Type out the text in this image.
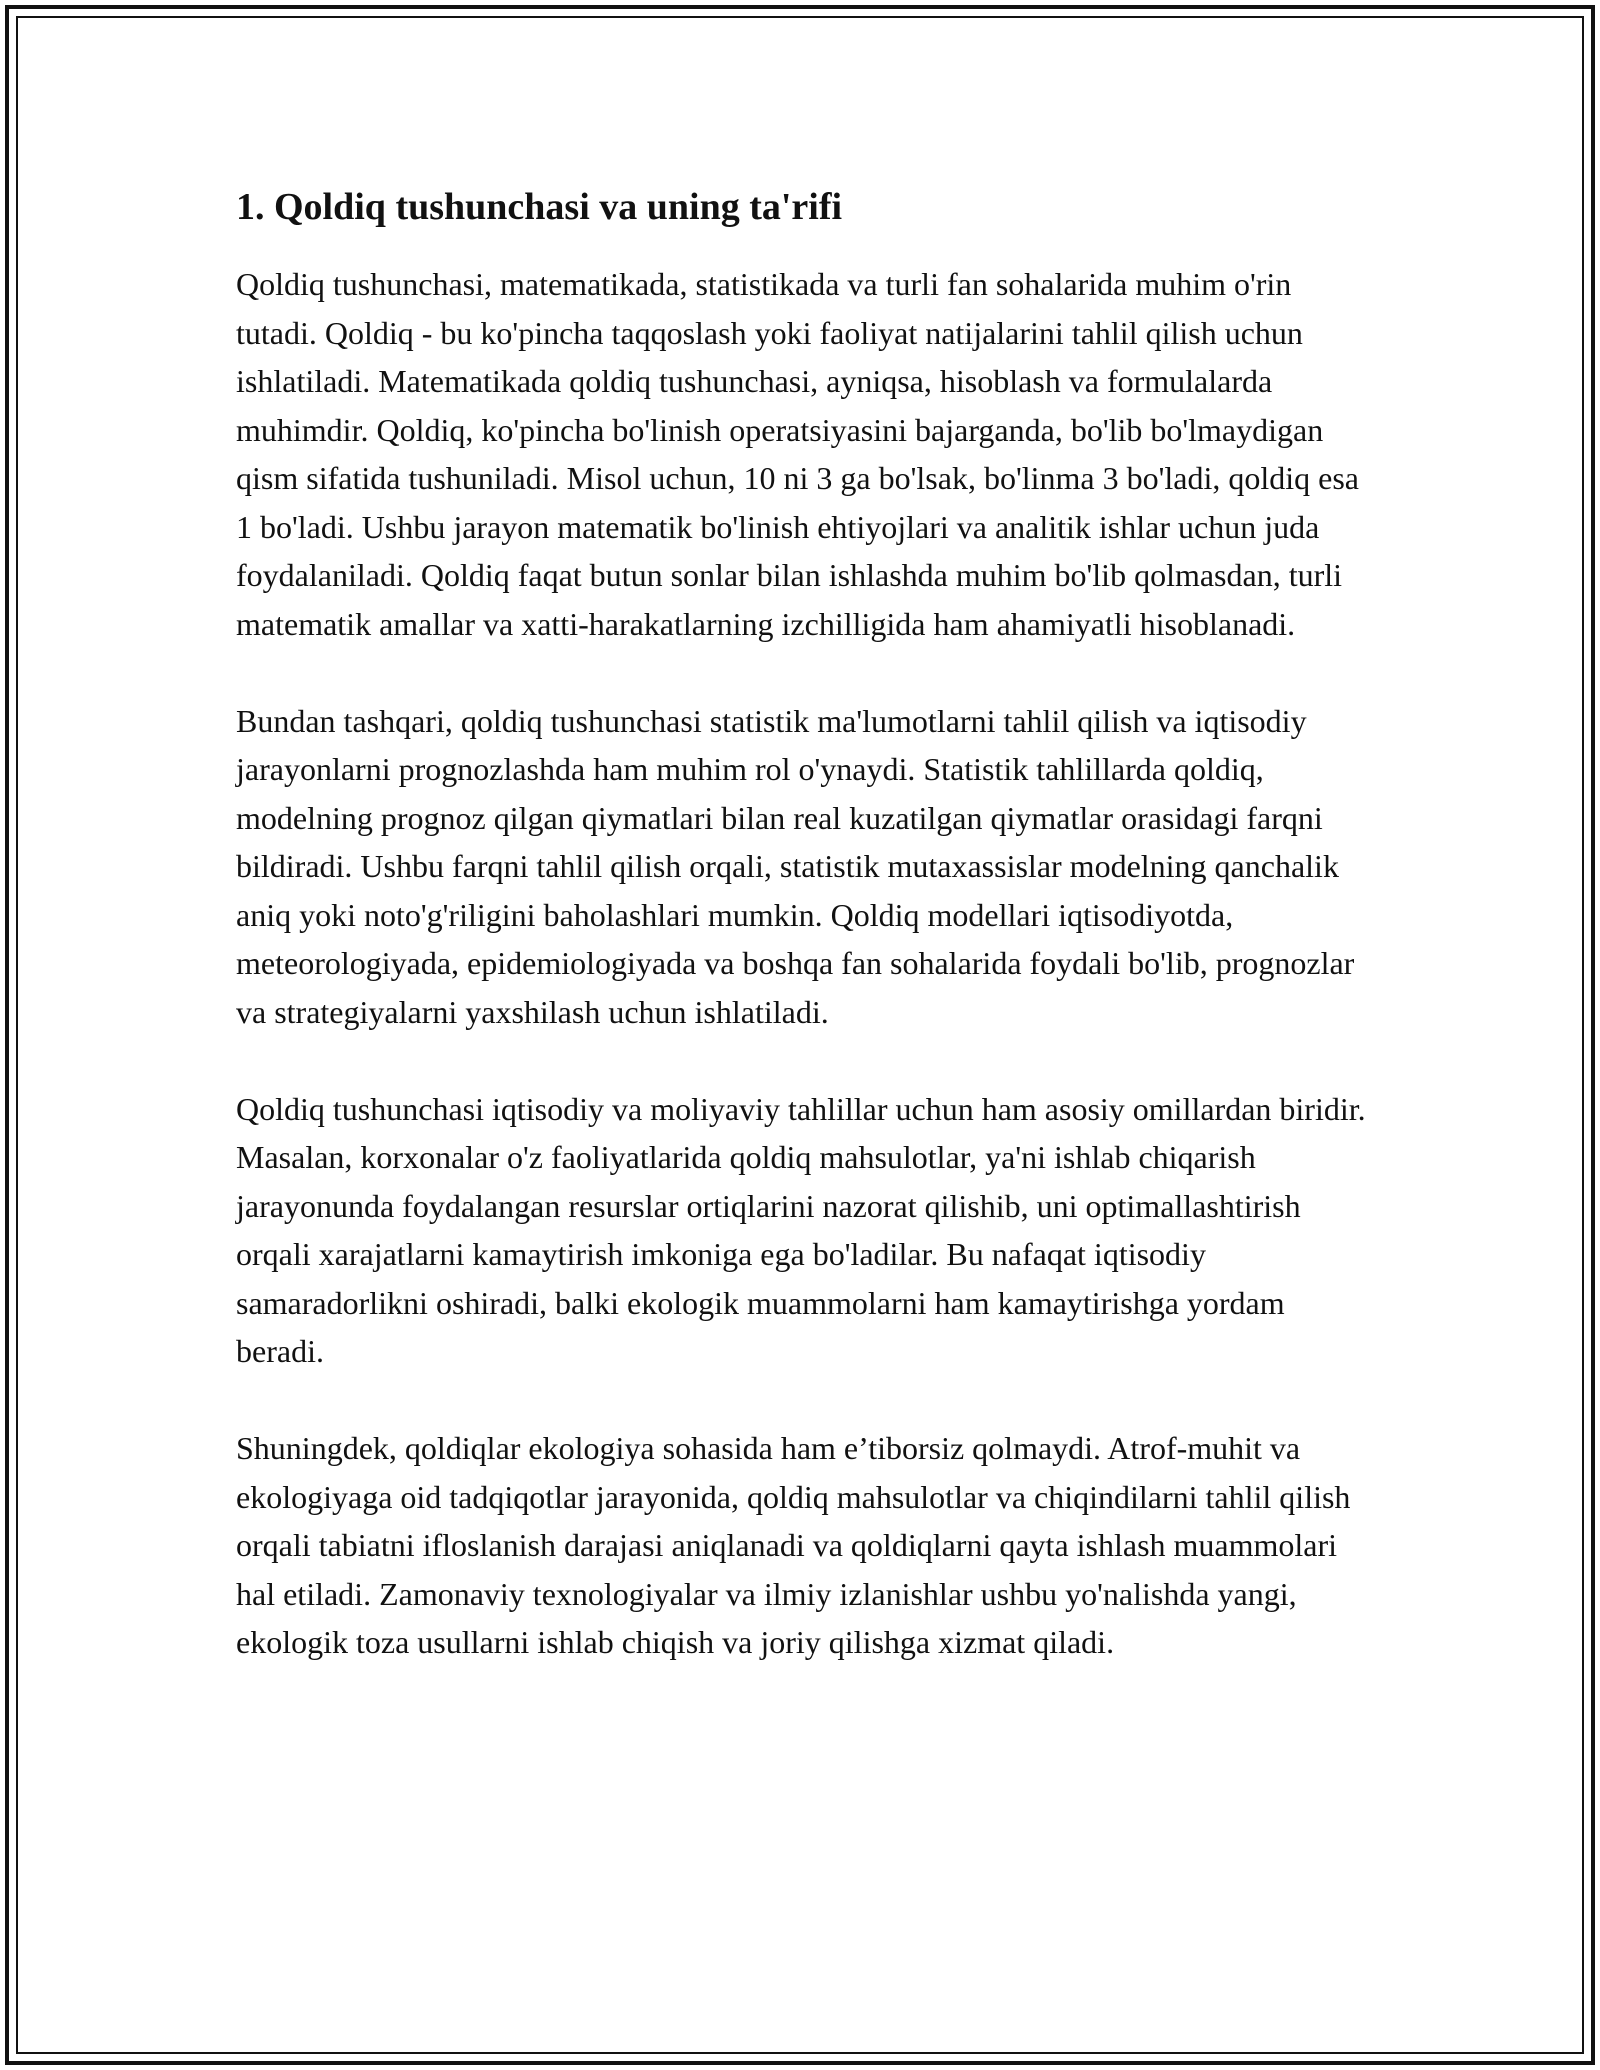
1. Qoldiq tushunchasi va uning ta'rifi

Qoldiq tushunchasi, matematikada, statistikada va turli fan sohalarida muhim o'rin tutadi. Qoldiq - bu ko'pincha taqqoslash yoki faoliyat natijalarini tahlil qilish uchun ishlatiladi. Matematikada qoldiq tushunchasi, ayniqsa, hisoblash va formulalarda muhimdir. Qoldiq, ko'pincha bo'linish operatsiyasini bajarganda, bo'lib bo'lmaydigan qism sifatida tushuniladi. Misol uchun, 10 ni 3 ga bo'lsak, bo'linma 3 bo'ladi, qoldiq esa 1 bo'ladi. Ushbu jarayon matematik bo'linish ehtiyojlari va analitik ishlar uchun juda foydalaniladi. Qoldiq faqat butun sonlar bilan ishlashda muhim bo'lib qolmasdan, turli matematik amallar va xatti-harakatlarning izchilligida ham ahamiyatli hisoblanadi.

Bundan tashqari, qoldiq tushunchasi statistik ma'lumotlarni tahlil qilish va iqtisodiy jarayonlarni prognozlashda ham muhim rol o'ynaydi. Statistik tahlillarda qoldiq, modelning prognoz qilgan qiymatlari bilan real kuzatilgan qiymatlar orasidagi farqni bildiradi. Ushbu farqni tahlil qilish orqali, statistik mutaxassislar modelning qanchalik aniq yoki noto'g'riligini baholashlari mumkin. Qoldiq modellari iqtisodiyotda, meteorologiyada, epidemiologiyada va boshqa fan sohalarida foydali bo'lib, prognozlar va strategiyalarni yaxshilash uchun ishlatiladi.

Qoldiq tushunchasi iqtisodiy va moliyaviy tahlillar uchun ham asosiy omillardan biridir. Masalan, korxonalar o'z faoliyatlarida qoldiq mahsulotlar, ya'ni ishlab chiqarish jarayonunda foydalangan resurslar ortiqlarini nazorat qilishib, uni optimallashtirish orqali xarajatlarni kamaytirish imkoniga ega bo'ladilar. Bu nafaqat iqtisodiy samaradorlikni oshiradi, balki ekologik muammolarni ham kamaytirishga yordam beradi.

Shuningdek, qoldiqlar ekologiya sohasida ham e’tiborsiz qolmaydi. Atrof-muhit va ekologiyaga oid tadqiqotlar jarayonida, qoldiq mahsulotlar va chiqindilarni tahlil qilish orqali tabiatni ifloslanish darajasi aniqlanadi va qoldiqlarni qayta ishlash muammolari hal etiladi. Zamonaviy texnologiyalar va ilmiy izlanishlar ushbu yo'nalishda yangi, ekologik toza usullarni ishlab chiqish va joriy qilishga xizmat qiladi.
